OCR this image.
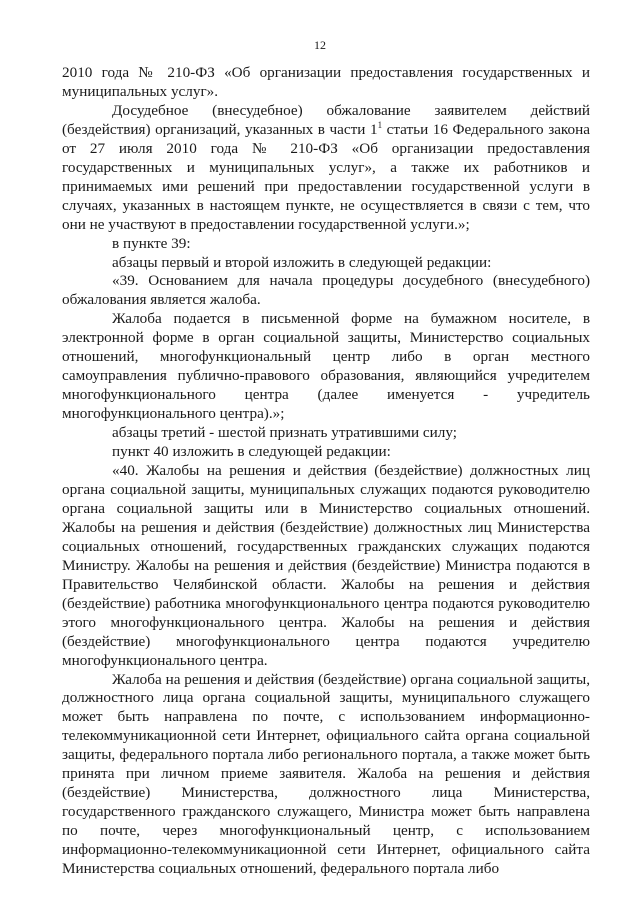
12

2010 года № 210-ФЗ «Об организации предоставления государственных и муниципальных услуг».

Досудебное (внесудебное) обжалование заявителем действий (бездействия) организаций, указанных в части $1^1$ статьи 16 Федерального закона от 27 июля 2010 года № 210-ФЗ «Об организации предоставления государственных и муниципальных услуг», а также их работников и принимаемых ими решений при предоставлении государственной услуги в случаях, указанных в настоящем пункте, не осуществляется в связи с тем, что они не участвуют в предоставлении государственной услуги.»;

в пункте 39:

абзацы первый и второй изложить в следующей редакции:

«39. Основанием для начала процедуры досудебного (внесудебного) обжалования является жалоба.

Жалоба подается в письменной форме на бумажном носителе, в электронной форме в орган социальной защиты, Министерство социальных отношений, многофункциональный центр либо в орган местного самоуправления публично-правового образования, являющийся учредителем многофункционального центра (далее именуется - учредитель многофункционального центра).»;

абзацы третий - шестой признать утратившими силу;

пункт 40 изложить в следующей редакции:

«40. Жалобы на решения и действия (бездействие) должностных лиц органа социальной защиты, муниципальных служащих подаются руководителю органа социальной защиты или в Министерство социальных отношений. Жалобы на решения и действия (бездействие) должностных лиц Министерства социальных отношений, государственных гражданских служащих подаются Министру. Жалобы на решения и действия (бездействие) Министра подаются в Правительство Челябинской области. Жалобы на решения и действия (бездействие) работника многофункционального центра подаются руководителю этого многофункционального центра. Жалобы на решения и действия (бездействие) многофункционального центра подаются учредителю многофункционального центра.

Жалоба на решения и действия (бездействие) органа социальной защиты, должностного лица органа социальной защиты, муниципального служащего может быть направлена по почте, с использованием информационно-телекоммуникационной сети Интернет, официального сайта органа социальной защиты, федерального портала либо регионального портала, а также может быть принята при личном приеме заявителя. Жалоба на решения и действия (бездействие) Министерства, должностного лица Министерства, государственного гражданского служащего, Министра может быть направлена по почте, через многофункциональный центр, с использованием информационно-телекоммуникационной сети Интернет, официального сайта Министерства социальных отношений, федерального портала либо
